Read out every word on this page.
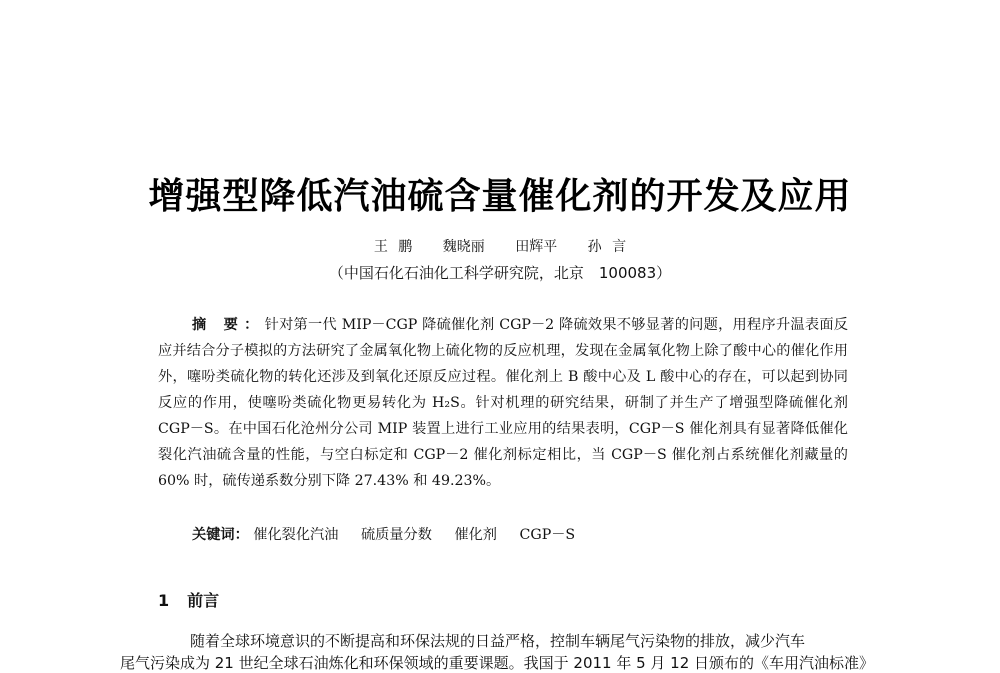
增强型降低汽油硫含量催化剂的开发及应用
王 鹏 魏晓丽 田辉平 孙 言
（中国石化石油化工科学研究院，北京　100083）
摘 要：针对第一代 MIP－CGP 降硫催化剂 CGP－2 降硫效果不够显著的问题，用程序升温表面反应并结合分子模拟的方法研究了金属氧化物上硫化物的反应机理，发现在金属氧化物上除了酸中心的催化作用外，噻吩类硫化物的转化还涉及到氧化还原反应过程。催化剂上 B 酸中心及 L 酸中心的存在，可以起到协同反应的作用，使噻吩类硫化物更易转化为 H₂S。针对机理的研究结果，研制了并生产了增强型降硫催化剂 CGP－S。在中国石化沧州分公司 MIP 装置上进行工业应用的结果表明，CGP－S 催化剂具有显著降低催化裂化汽油硫含量的性能，与空白标定和 CGP－2 催化剂标定相比，当 CGP－S 催化剂占系统催化剂藏量的 60% 时，硫传递系数分别下降 27.43% 和 49.23%。
关键词： 催化裂化汽油 硫质量分数 催化剂 CGP－S
1 前言
随着全球环境意识的不断提高和环保法规的日益严格，控制车辆尾气污染物的排放，减少汽车
尾气污染成为 21 世纪全球石油炼化和环保领域的重要课题。我国于 2011 年 5 月 12 日颁布的《车用汽油标准》
